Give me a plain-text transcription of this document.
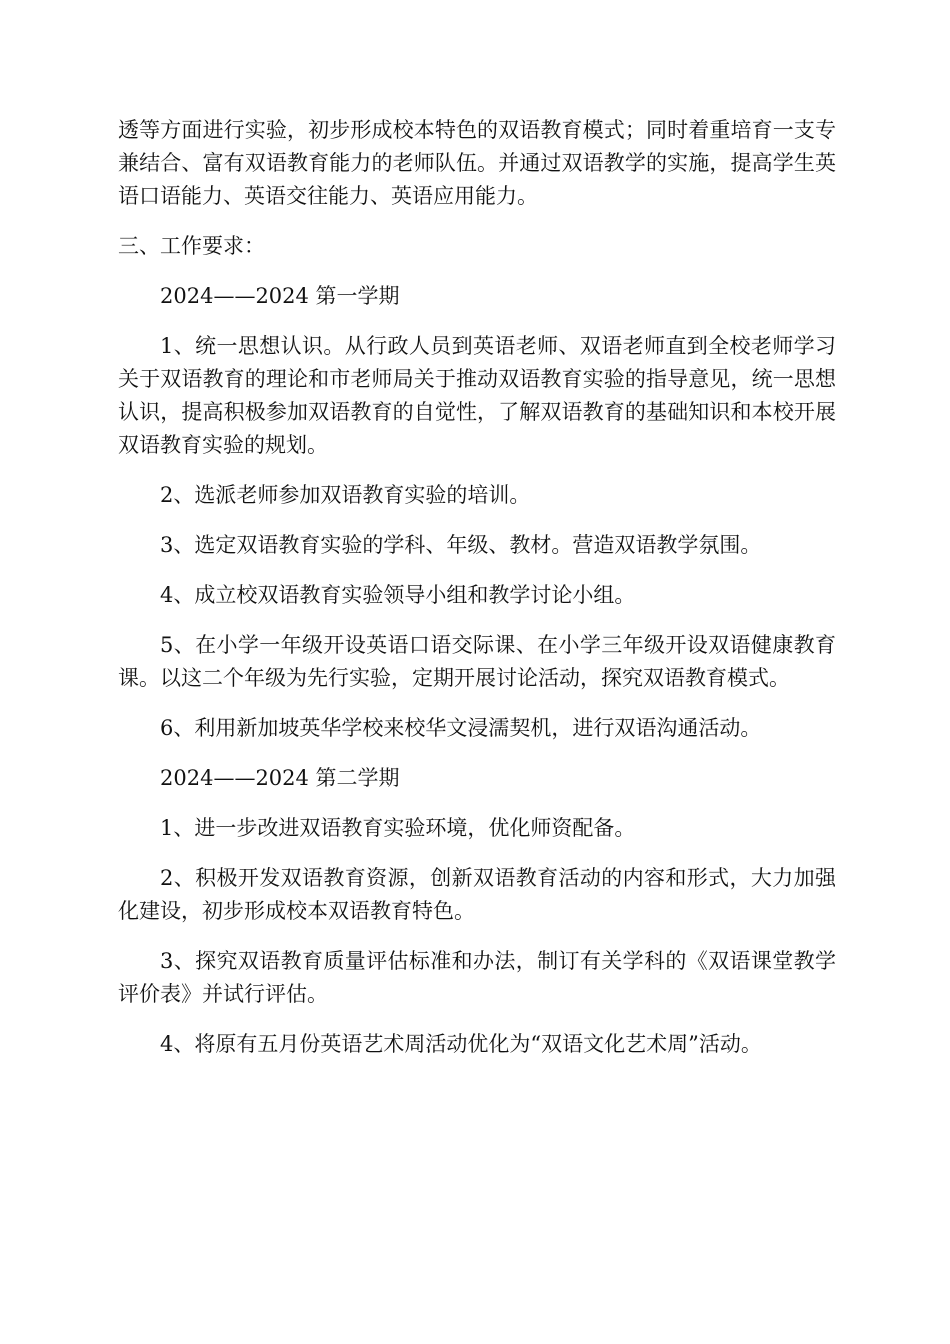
透等方面进行实验，初步形成校本特色的双语教育模式；同时着重培育一支专兼结合、富有双语教育能力的老师队伍。并通过双语教学的实施，提高学生英语口语能力、英语交往能力、英语应用能力。

三、工作要求：

2024——2024 第一学期

1、统一思想认识。从行政人员到英语老师、双语老师直到全校老师学习关于双语教育的理论和市老师局关于推动双语教育实验的指导意见，统一思想认识，提高积极参加双语教育的自觉性，了解双语教育的基础知识和本校开展双语教育实验的规划。

2、选派老师参加双语教育实验的培训。

3、选定双语教育实验的学科、年级、教材。营造双语教学氛围。

4、成立校双语教育实验领导小组和教学讨论小组。

5、在小学一年级开设英语口语交际课、在小学三年级开设双语健康教育课。以这二个年级为先行实验，定期开展讨论活动，探究双语教育模式。

6、利用新加坡英华学校来校华文浸濡契机，进行双语沟通活动。

2024——2024 第二学期

1、进一步改进双语教育实验环境，优化师资配备。

2、积极开发双语教育资源，创新双语教育活动的内容和形式，大力加强化建设，初步形成校本双语教育特色。

3、探究双语教育质量评估标准和办法，制订有关学科的《双语课堂教学评价表》并试行评估。

4、将原有五月份英语艺术周活动优化为“双语文化艺术周”活动。
